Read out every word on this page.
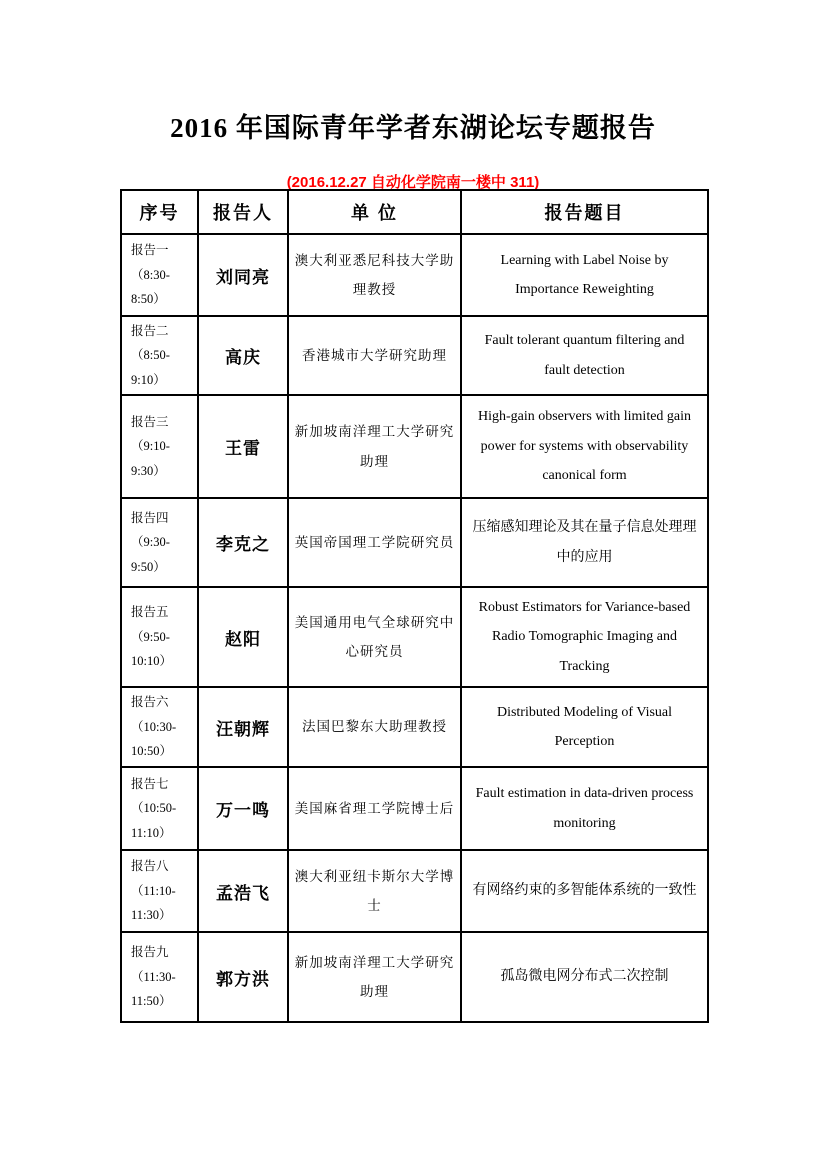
2016 年国际青年学者东湖论坛专题报告
(2016.12.27 自动化学院南一楼中 311)
序号	报告人	单 位	报告题目

报告一
（8:30-
8:50）	刘同亮	澳大利亚悉尼科技大学助理教授	Learning with Label Noise by Importance Reweighting

报告二
（8:50-
9:10）	高庆	香港城市大学研究助理	Fault tolerant quantum filtering and fault detection

报告三
（9:10-
9:30）	王雷	新加坡南洋理工大学研究助理	High-gain observers with limited gain power for systems with observability canonical form

报告四
（9:30-
9:50）	李克之	英国帝国理工学院研究员	压缩感知理论及其在量子信息处理理中的应用

报告五
（9:50-
10:10）	赵阳	美国通用电气全球研究中心研究员	Robust Estimators for Variance-based Radio Tomographic Imaging and Tracking

报告六
（10:30-
10:50）	汪朝辉	法国巴黎东大助理教授	Distributed Modeling of Visual Perception

报告七
（10:50-
11:10）	万一鸣	美国麻省理工学院博士后	Fault estimation in data-driven process monitoring

报告八
（11:10-
11:30）	孟浩飞	澳大利亚纽卡斯尔大学博士	有网络约束的多智能体系统的一致性

报告九
（11:30-
11:50）	郭方洪	新加坡南洋理工大学研究助理	孤岛微电网分布式二次控制
